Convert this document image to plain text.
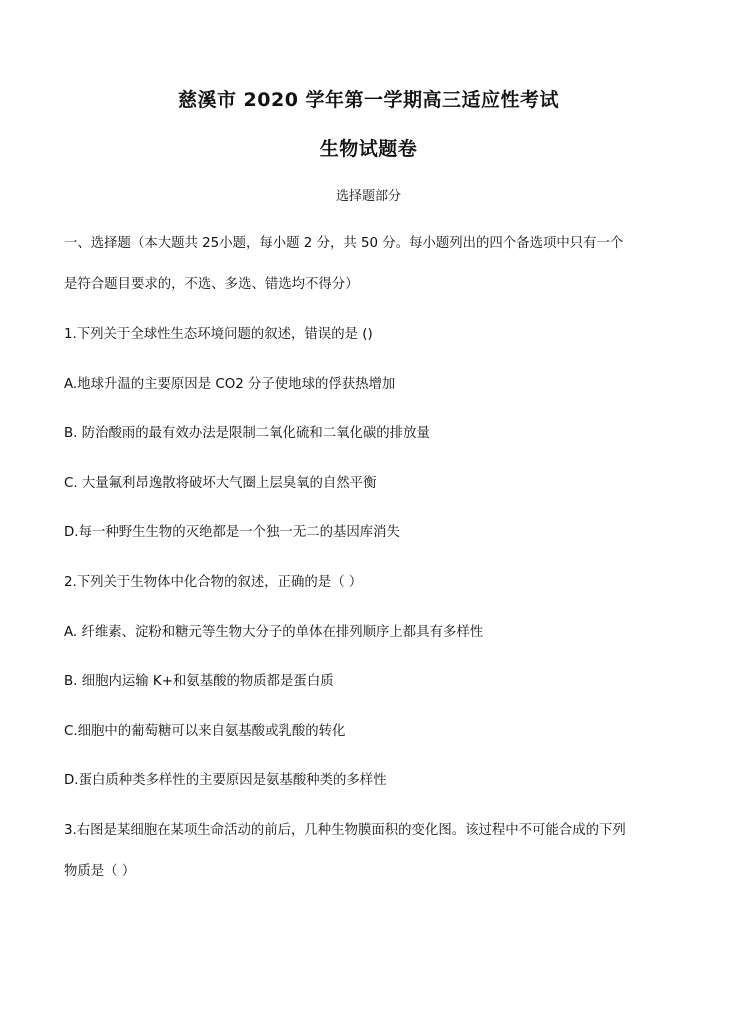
慈溪市 2020 学年第一学期高三适应性考试
生物试题卷
选择题部分
一、选择题（本大题共 25小题，每小题 2 分，共 50 分。每小题列出的四个备选项中只有一个
是符合题目要求的，不选、多选、错选均不得分）
1.下列关于全球性生态环境问题的叙述，错误的是 ()
A.地球升温的主要原因是 CO2 分子使地球的俘获热增加
B. 防治酸雨的最有效办法是限制二氧化硫和二氧化碳的排放量
C. 大量氟利昂逸散将破坏大气圈上层臭氧的自然平衡
D.每一种野生生物的灭绝都是一个独一无二的基因库消失
2.下列关于生物体中化合物的叙述，正确的是（ ）
A. 纤维素、淀粉和糖元等生物大分子的单体在排列顺序上都具有多样性
B. 细胞内运输 K+和氨基酸的物质都是蛋白质
C.细胞中的葡萄糖可以来自氨基酸或乳酸的转化
D.蛋白质种类多样性的主要原因是氨基酸种类的多样性
3.右图是某细胞在某项生命活动的前后，几种生物膜面积的变化图。该过程中不可能合成的下列
物质是（ ）
